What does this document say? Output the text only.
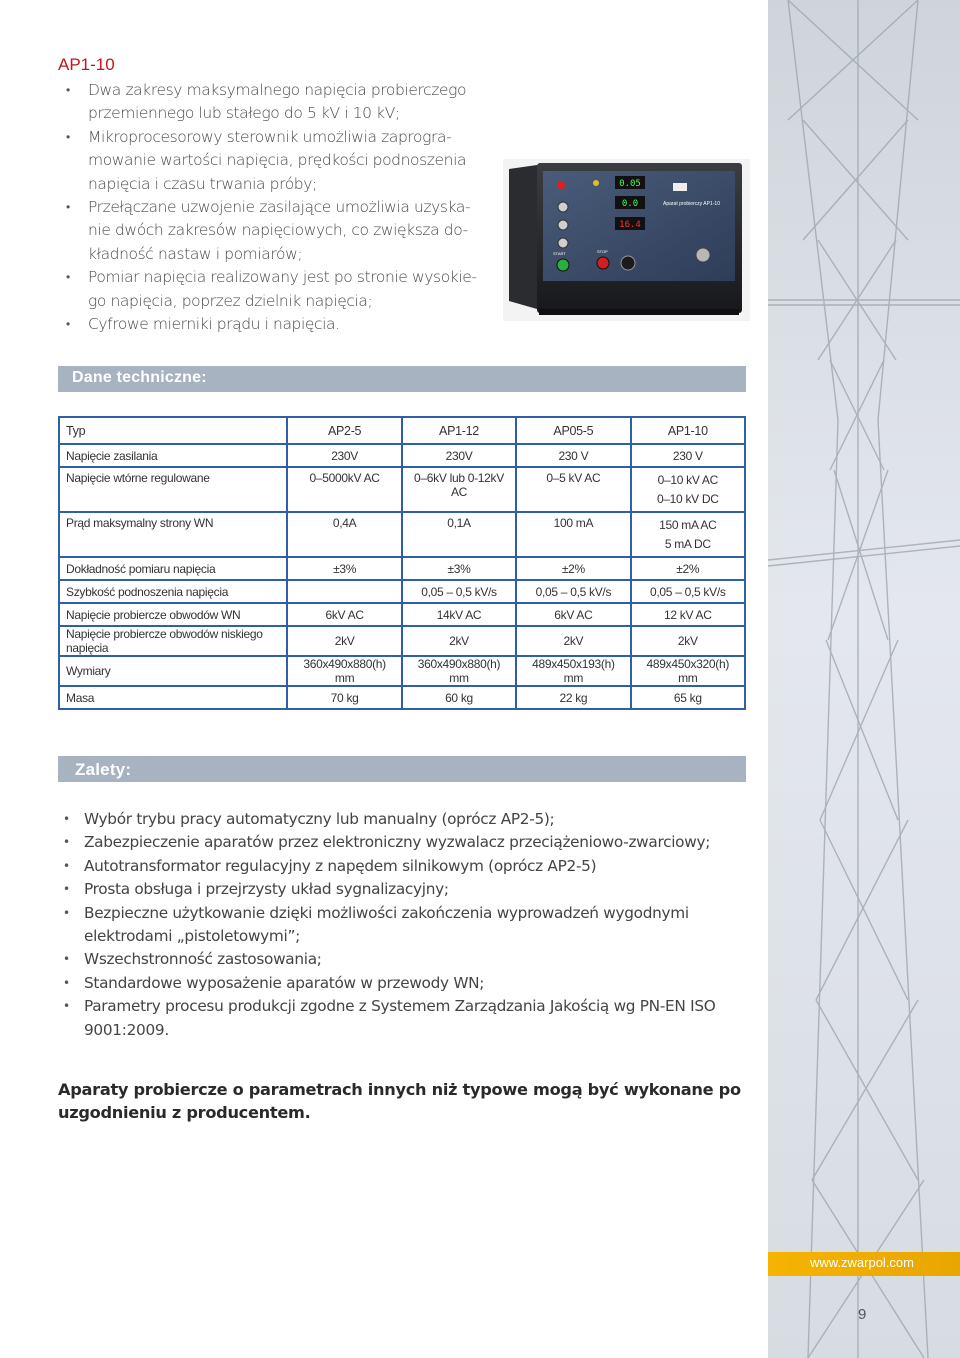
www.zwarpol.com
9
AP1-10
• Dwa zakresy maksymalnego napięcia probierczego przemiennego lub stałego do 5 kV i 10 kV;
• Mikroprocesorowy sterownik umożliwia zaprogra-mowanie wartości napięcia, prędkości podnoszenia napięcia i czasu trwania próby;
• Przełączane uzwojenie zasilające umożliwia uzyska-nie dwóch zakresów napięciowych, co zwiększa do-kładność nastaw i pomiarów;
• Pomiar napięcia realizowany jest po stronie wysokie-go napięcia, poprzez dzielnik napięcia;
• Cyfrowe mierniki prądu i napięcia.
0.05
0.0
16.4
Aparat probierczy AP1-10
START	STOP
Dane techniczne:
Typ	AP2-5	AP1-12	AP05-5	AP1-10
Napięcie zasilania	230V	230V	230 V	230 V
Napięcie wtórne regulowane	0–5000kV AC	0–6kV lub 0-12kV AC	0–5 kV AC	0–10 kV AC
0–10 kV DC

Prąd maksymalny strony WN	0,4A	0,1A	100 mA	150 mA AC
5 mA DC

Dokładność pomiaru napięcia	±3%	±3%	±2%	±2%
Szybkość podnoszenia napięcia		0,05 – 0,5 kV/s	0,05 – 0,5 kV/s	0,05 – 0,5 kV/s
Napięcie probiercze obwodów WN	6kV AC	14kV AC	6kV AC	12 kV AC
Napięcie probiercze obwodów niskiego napięcia	2kV	2kV	2kV	2kV
Wymiary	360x490x880(h) mm	360x490x880(h) mm	489x450x193(h) mm	489x450x320(h) mm
Masa	70 kg	60 kg	22 kg	65 kg
Zalety:
• Wybór trybu pracy automatyczny lub manualny (oprócz AP2-5);
• Zabezpieczenie aparatów przez elektroniczny wyzwalacz przeciążeniowo-zwarciowy;
• Autotransformator regulacyjny z napędem silnikowym (oprócz AP2-5)
• Prosta obsługa i przejrzysty układ sygnalizacyjny;
• Bezpieczne użytkowanie dzięki możliwości zakończenia wyprowadzeń wygodnymi elektrodami „pistoletowymi”;
• Wszechstronność zastosowania;
• Standardowe wyposażenie aparatów w przewody WN;
• Parametry procesu produkcji zgodne z Systemem Zarządzania Jakością wg PN-EN ISO 9001:2009.
Aparaty probiercze o parametrach innych niż typowe mogą być wykonane po uzgodnieniu z producentem.
